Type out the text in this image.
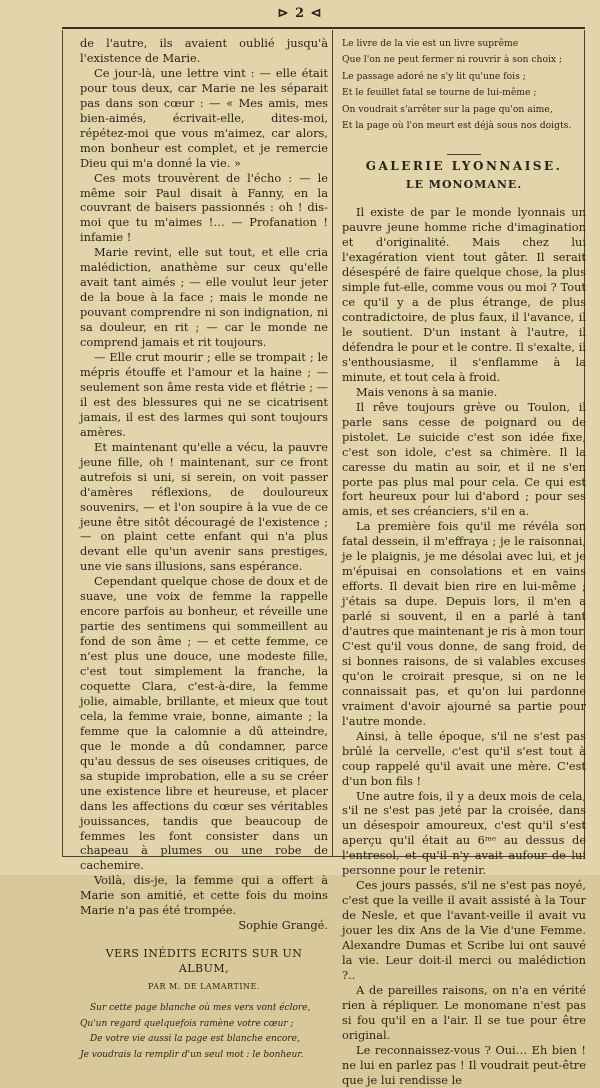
⊳ 2 ⊲

de l'autre, ils avaient oublié jusqu'à l'existence de Marie.

Ce jour-là, une lettre vint : — elle était pour tous deux, car Marie ne les séparait pas dans son cœur : — « Mes amis, mes bien-aimés, écrivait-elle, dites-moi, répétez-moi que vous m'aimez, car alors, mon bonheur est complet, et je remercie Dieu qui m'a donné la vie. »

Ces mots trouvèrent de l'écho : — le même soir Paul disait à Fanny, en la couvrant de baisers passionnés : oh ! dis-moi que tu m'aimes !… — Profanation ! infamie !

Marie revint, elle sut tout, et elle cria malédiction, anathème sur ceux qu'elle avait tant aimés ; — elle voulut leur jeter de la boue à la face ; mais le monde ne pouvant comprendre ni son indignation, ni sa douleur, en rit ; — car le monde ne comprend jamais et rit toujours.

— Elle crut mourir ; elle se trompait ; le mépris étouffe et l'amour et la haine ; — seulement son âme resta vide et flétrie ; — il est des blessures qui ne se cicatrisent jamais, il est des larmes qui sont toujours amères.

Et maintenant qu'elle a vécu, la pauvre jeune fille, oh ! maintenant, sur ce front autrefois si uni, si serein, on voit passer d'amères réflexions, de douloureux souvenirs, — et l'on soupire à la vue de ce jeune être sitôt découragé de l'existence ; — on plaint cette enfant qui n'a plus devant elle qu'un avenir sans prestiges, une vie sans illusions, sans espérance.

Cependant quelque chose de doux et de suave, une voix de femme la rappelle encore parfois au bonheur, et réveille une partie des sentimens qui sommeillent au fond de son âme ; — et cette femme, ce n'est plus une douce, une modeste fille, c'est tout simplement la franche, la coquette Clara, c'est-à-dire, la femme jolie, aimable, brillante, et mieux que tout cela, la femme vraie, bonne, aimante ; la femme que la calomnie a dû atteindre, que le monde a dû condamner, parce qu'au dessus de ses oiseuses critiques, de sa stupide improbation, elle a su se créer une existence libre et heureuse, et placer dans les affections du cœur ses véritables jouissances, tandis que beaucoup de femmes les font consister dans un chapeau à plumes ou une robe de cachemire.

Voilà, dis-je, la femme qui a offert à Marie son amitié, et cette fois du moins Marie n'a pas été trompée.

Sophie Grangé.
VERS INÉDITS ECRITS SUR UN ALBUM,
PAR M. DE LAMARTINE.
Sur cette page blanche où mes vers vont éclore,
Qu'un regard quelquefois ramène votre cœur ;
De votre vie aussi la page est blanche encore,
Je voudrais la remplir d'un seul mot : le bonheur.
Le livre de la vie est un livre suprême
Que l'on ne peut fermer ni rouvrir à son choix ;
Le passage adoré ne s'y lit qu'une fois ;
Et le feuillet fatal se tourne de lui-même ;
On voudrait s'arrêter sur la page qu'on aime,
Et la page où l'on meurt est déjà sous nos doigts.
GALERIE LYONNAISE.
LE MONOMANE.

Il existe de par le monde lyonnais un pauvre jeune homme riche d'imagination et d'originalité. Mais chez lui l'exagération vient tout gâter. Il serait désespéré de faire quelque chose, la plus simple fut-elle, comme vous ou moi ? Tout ce qu'il y a de plus étrange, de plus contradictoire, de plus faux, il l'avance, il le soutient. D'un instant à l'autre, il défendra le pour et le contre. Il s'exalte, il s'enthousiasme, il s'enflamme à la minute, et tout cela à froid.

Mais venons à sa manie.

Il rêve toujours grève ou Toulon, il parle sans cesse de poignard ou de pistolet. Le suicide c'est son idée fixe, c'est son idole, c'est sa chimère. Il la caresse du matin au soir, et il ne s'en porte pas plus mal pour cela. Ce qui est fort heureux pour lui d'abord ; pour ses amis, et ses créanciers, s'il en a.

La première fois qu'il me révéla son fatal dessein, il m'effraya ; je le raisonnai, je le plaignis, je me désolai avec lui, et je m'épuisai en consolations et en vains efforts. Il devait bien rire en lui-même ; j'étais sa dupe. Depuis lors, il m'en a parlé si souvent, il en a parlé à tant d'autres que maintenant je ris à mon tour. C'est qu'il vous donne, de sang froid, de si bonnes raisons, de si valables excuses qu'on le croirait presque, si on ne le connaissait pas, et qu'on lui pardonne vraiment d'avoir ajourné sa partie pour l'autre monde.

Ainsi, à telle époque, s'il ne s'est pas brûlé la cervelle, c'est qu'il s'est tout à coup rappelé qu'il avait une mère. C'est d'un bon fils !

Une autre fois, il y a deux mois de cela, s'il ne s'est pas jeté par la croisée, dans un désespoir amoureux, c'est qu'il s'est aperçu qu'il était au 6ᵐᵉ au dessus de l'entresol, et qu'il n'y avait aufour de lui personne pour le retenir.

Ces jours passés, s'il ne s'est pas noyé, c'est que la veille il avait assisté à la Tour de Nesle, et que l'avant-veille il avait vu jouer les dix Ans de la Vie d'une Femme. Alexandre Dumas et Scribe lui ont sauvé la vie. Leur doit-il merci ou malédiction ?..

A de pareilles raisons, on n'a en vérité rien à répliquer. Le monomane n'est pas si fou qu'il en a l'air. Il se tue pour être original.

Le reconnaissez-vous ? Oui… Eh bien ! ne lui en parlez pas ! Il voudrait peut-être que je lui rendisse le
